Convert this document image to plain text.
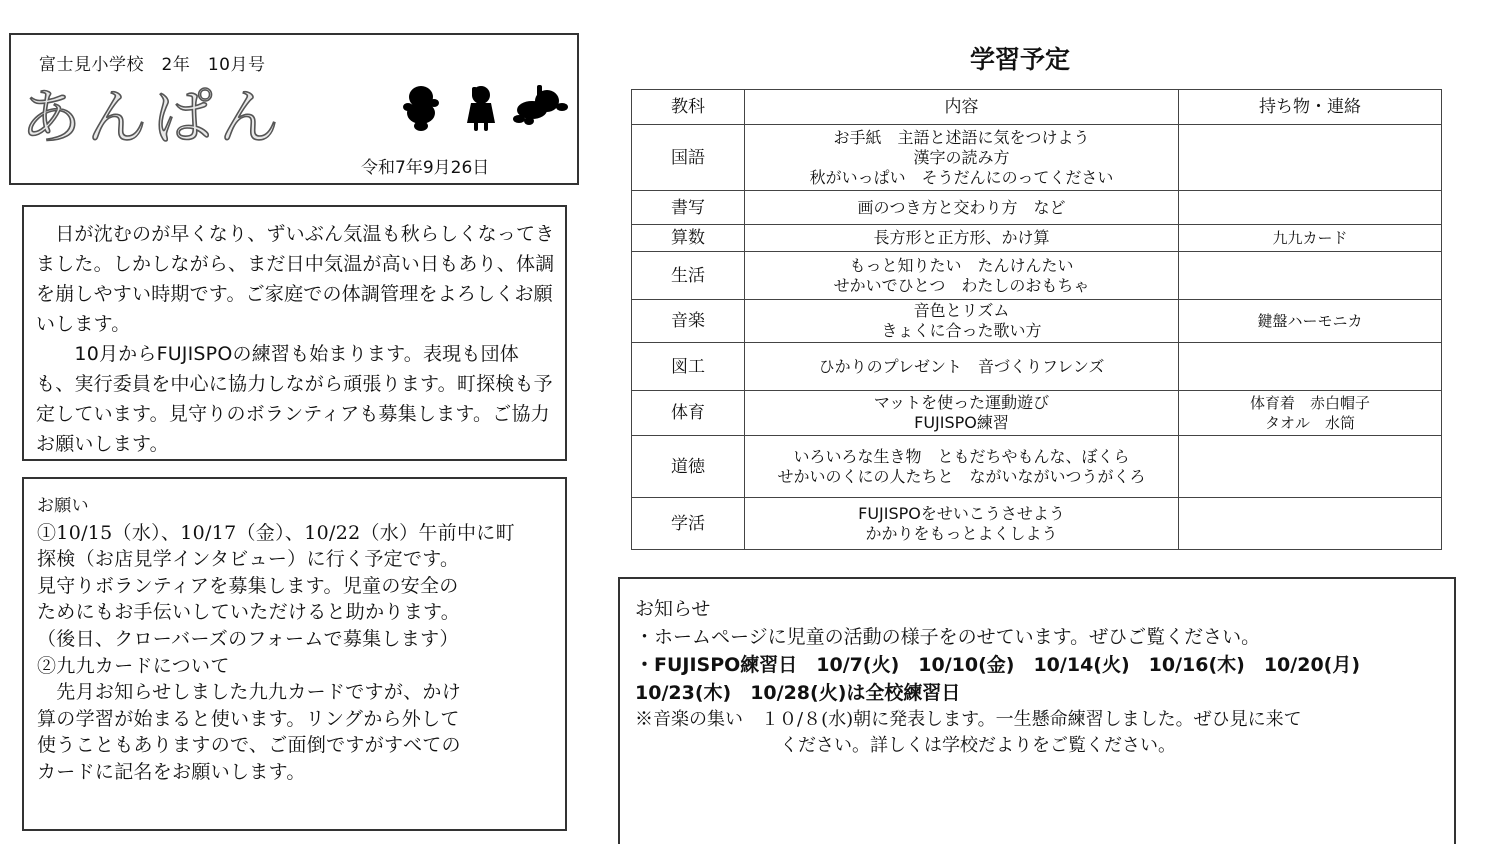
富士見小学校　2年　10月号
あんぱん
令和7年9月26日

　日が沈むのが早くなり、ずいぶん気温も秋らしくなってきました。しかしながら、まだ日中気温が高い日もあり、体調を崩しやすい時期です。ご家庭での体調管理をよろしくお願いします。

　　10月からFUJISPOの練習も始まります。表現も団体も、実行委員を中心に協力しながら頑張ります。町探検も予定しています。見守りのボランティアも募集します。ご協力お願いします。

お願い
①10/15（水）、10/17（金）、10/22（水）午前中に町
探検（お店見学インタビュー）に行く予定です。
見守りボランティアを募集します。児童の安全の
ためにもお手伝いしていただけると助かります。
（後日、クローバーズのフォームで募集します）
②九九カードについて
　先月お知らせしました九九カードですが、かけ
算の学習が始まると使います。リングから外して
使うこともありますので、ご面倒ですがすべての
カードに記名をお願いします。
学習予定
教科	内容	持ち物・連絡
国語	お手紙　主語と述語に気をつけよう
漢字の読み方
秋がいっぱい　そうだんにのってください	

書写	画のつき方と交わり方　など	

算数	長方形と正方形、かけ算	九九カード

生活	もっと知りたい　たんけんたい
せかいでひとつ　わたしのおもちゃ	

音楽	音色とリズム
きょくに合った歌い方	鍵盤ハーモニカ

図工	ひかりのプレゼント　音づくりフレンズ	

体育	マットを使った運動遊び
FUJISPO練習	体育着　赤白帽子
タオル　水筒

道徳	いろいろな生き物　ともだちやもんな、ぼくら
せかいのくにの人たちと　ながいながいつうがくろ	

学活	FUJISPOをせいこうさせよう
かかりをもっとよくしよう	

お知らせ
・ホームページに児童の活動の様子をのせています。ぜひご覧ください。
・FUJISPO練習日　10/7(火)　10/10(金)　10/14(火)　10/16(木)　10/20(月)
10/23(木)　10/28(火)は全校練習日
※音楽の集い　１０/８(水)朝に発表します。一生懸命練習しました。ぜひ見に来て
ください。詳しくは学校だよりをご覧ください。
